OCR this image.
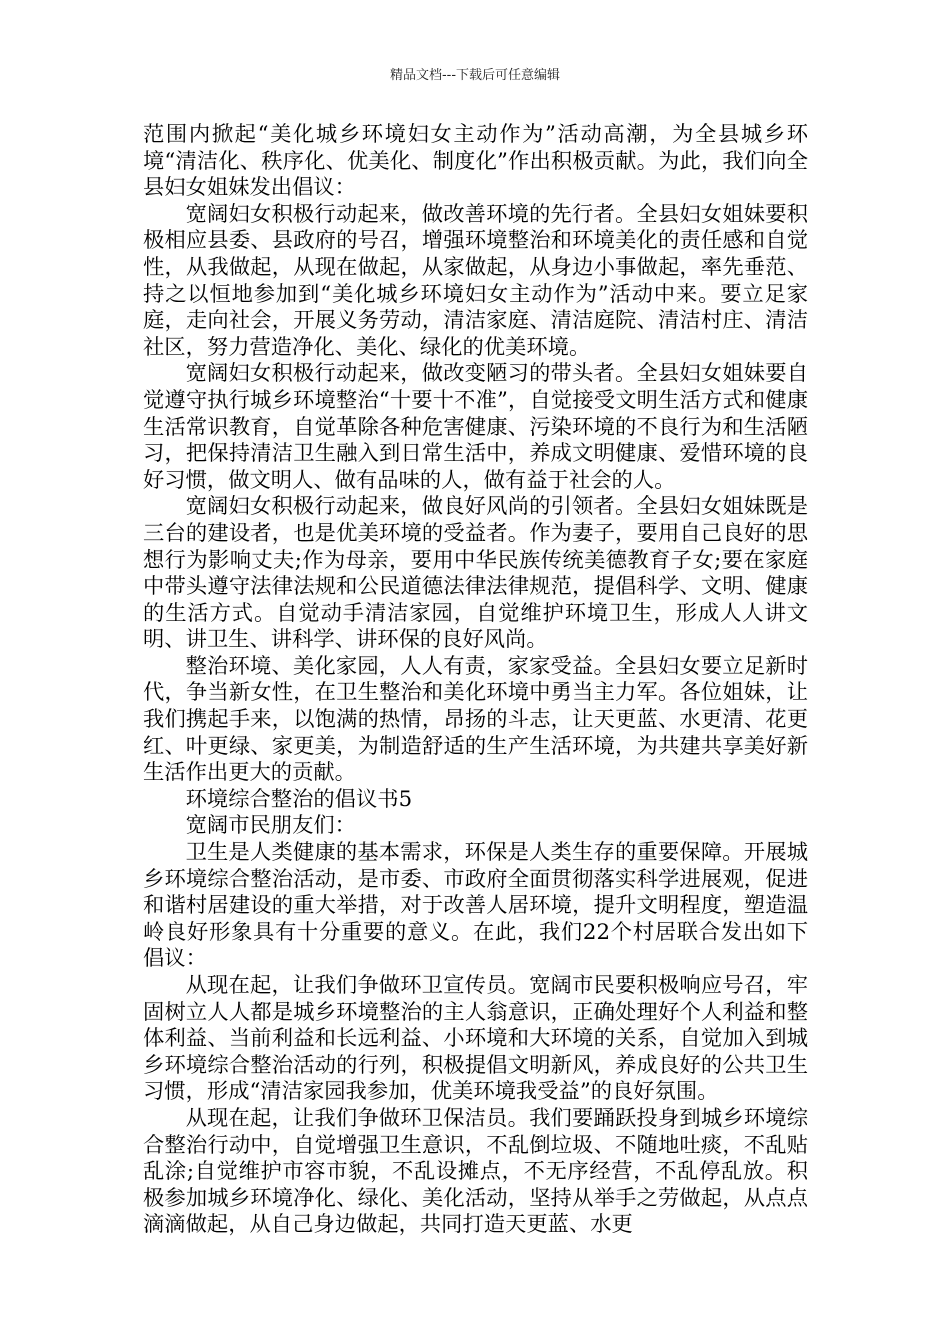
精品文档---下载后可任意编辑

范围内掀起“美化城乡环境妇女主动作为”活动高潮，为全县城乡环境“清洁化、秩序化、优美化、制度化”作出积极贡献。为此，我们向全县妇女姐妹发出倡议：

宽阔妇女积极行动起来，做改善环境的先行者。全县妇女姐妹要积极相应县委、县政府的号召，增强环境整治和环境美化的责任感和自觉性，从我做起，从现在做起，从家做起，从身边小事做起，率先垂范、持之以恒地参加到“美化城乡环境妇女主动作为”活动中来。要立足家庭，走向社会，开展义务劳动，清洁家庭、清洁庭院、清洁村庄、清洁社区，努力营造净化、美化、绿化的优美环境。

宽阔妇女积极行动起来，做改变陋习的带头者。全县妇女姐妹要自觉遵守执行城乡环境整治“十要十不准”，自觉接受文明生活方式和健康生活常识教育，自觉革除各种危害健康、污染环境的不良行为和生活陋习，把保持清洁卫生融入到日常生活中，养成文明健康、爱惜环境的良好习惯，做文明人、做有品味的人，做有益于社会的人。

宽阔妇女积极行动起来，做良好风尚的引领者。全县妇女姐妹既是三台的建设者，也是优美环境的受益者。作为妻子，要用自己良好的思想行为影响丈夫;作为母亲，要用中华民族传统美德教育子女;要在家庭中带头遵守法律法规和公民道德法律法律规范，提倡科学、文明、健康的生活方式。自觉动手清洁家园，自觉维护环境卫生，形成人人讲文明、讲卫生、讲科学、讲环保的良好风尚。

整治环境、美化家园，人人有责，家家受益。全县妇女要立足新时代，争当新女性，在卫生整治和美化环境中勇当主力军。各位姐妹，让我们携起手来，以饱满的热情，昂扬的斗志，让天更蓝、水更清、花更红、叶更绿、家更美，为制造舒适的生产生活环境，为共建共享美好新生活作出更大的贡献。

环境综合整治的倡议书5

宽阔市民朋友们：

卫生是人类健康的基本需求，环保是人类生存的重要保障。开展城乡环境综合整治活动，是市委、市政府全面贯彻落实科学进展观，促进和谐村居建设的重大举措，对于改善人居环境，提升文明程度，塑造温岭良好形象具有十分重要的意义。在此，我们22个村居联合发出如下倡议：

从现在起，让我们争做环卫宣传员。宽阔市民要积极响应号召，牢固树立人人都是城乡环境整治的主人翁意识，正确处理好个人利益和整体利益、当前利益和长远利益、小环境和大环境的关系，自觉加入到城乡环境综合整治活动的行列，积极提倡文明新风，养成良好的公共卫生习惯，形成“清洁家园我参加，优美环境我受益”的良好氛围。

从现在起，让我们争做环卫保洁员。我们要踊跃投身到城乡环境综合整治行动中，自觉增强卫生意识，不乱倒垃圾、不随地吐痰，不乱贴乱涂;自觉维护市容市貌，不乱设摊点，不无序经营，不乱停乱放。积极参加城乡环境净化、绿化、美化活动，坚持从举手之劳做起，从点点滴滴做起，从自己身边做起，共同打造天更蓝、水更
